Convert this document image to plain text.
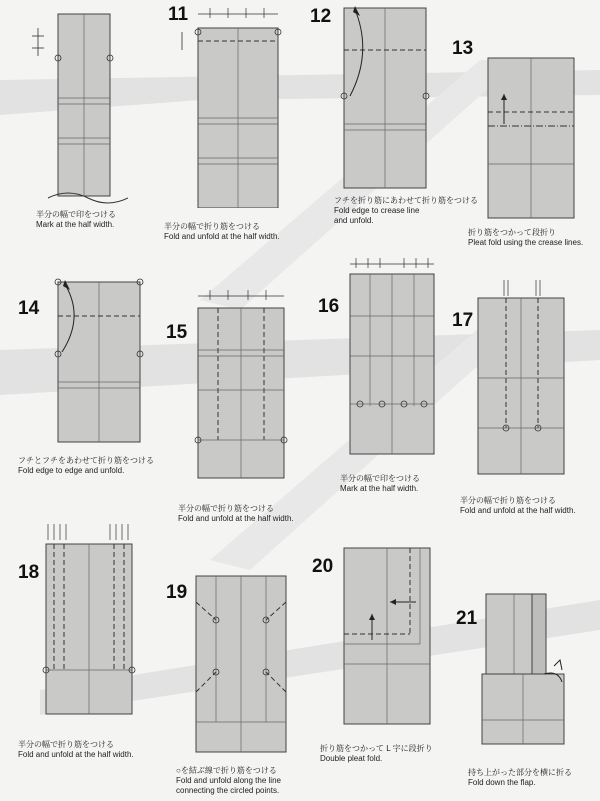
半分の幅で印をつける
Mark at the half width.
11
半分の幅で折り筋をつける
Fold and unfold at the half width.
12
フチを折り筋にあわせて折り筋をつける
Fold edge to crease line
and unfold.
13
折り筋をつかって段折り
Pleat fold using the crease lines.
14
フチとフチをあわせて折り筋をつける
Fold edge to edge and unfold.
15
半分の幅で折り筋をつける
Fold and unfold at the half width.
16
半分の幅で印をつける
Mark at the half width.
17
半分の幅で折り筋をつける
Fold and unfold at the half width.
18
半分の幅で折り筋をつける
Fold and unfold at the half width.
19
○を結ぶ線で折り筋をつける
Fold and unfold along the line
connecting the circled points.
20
折り筋をつかって L 字に段折り
Double pleat fold.
21
持ち上がった部分を横に折る
Fold down the flap.
